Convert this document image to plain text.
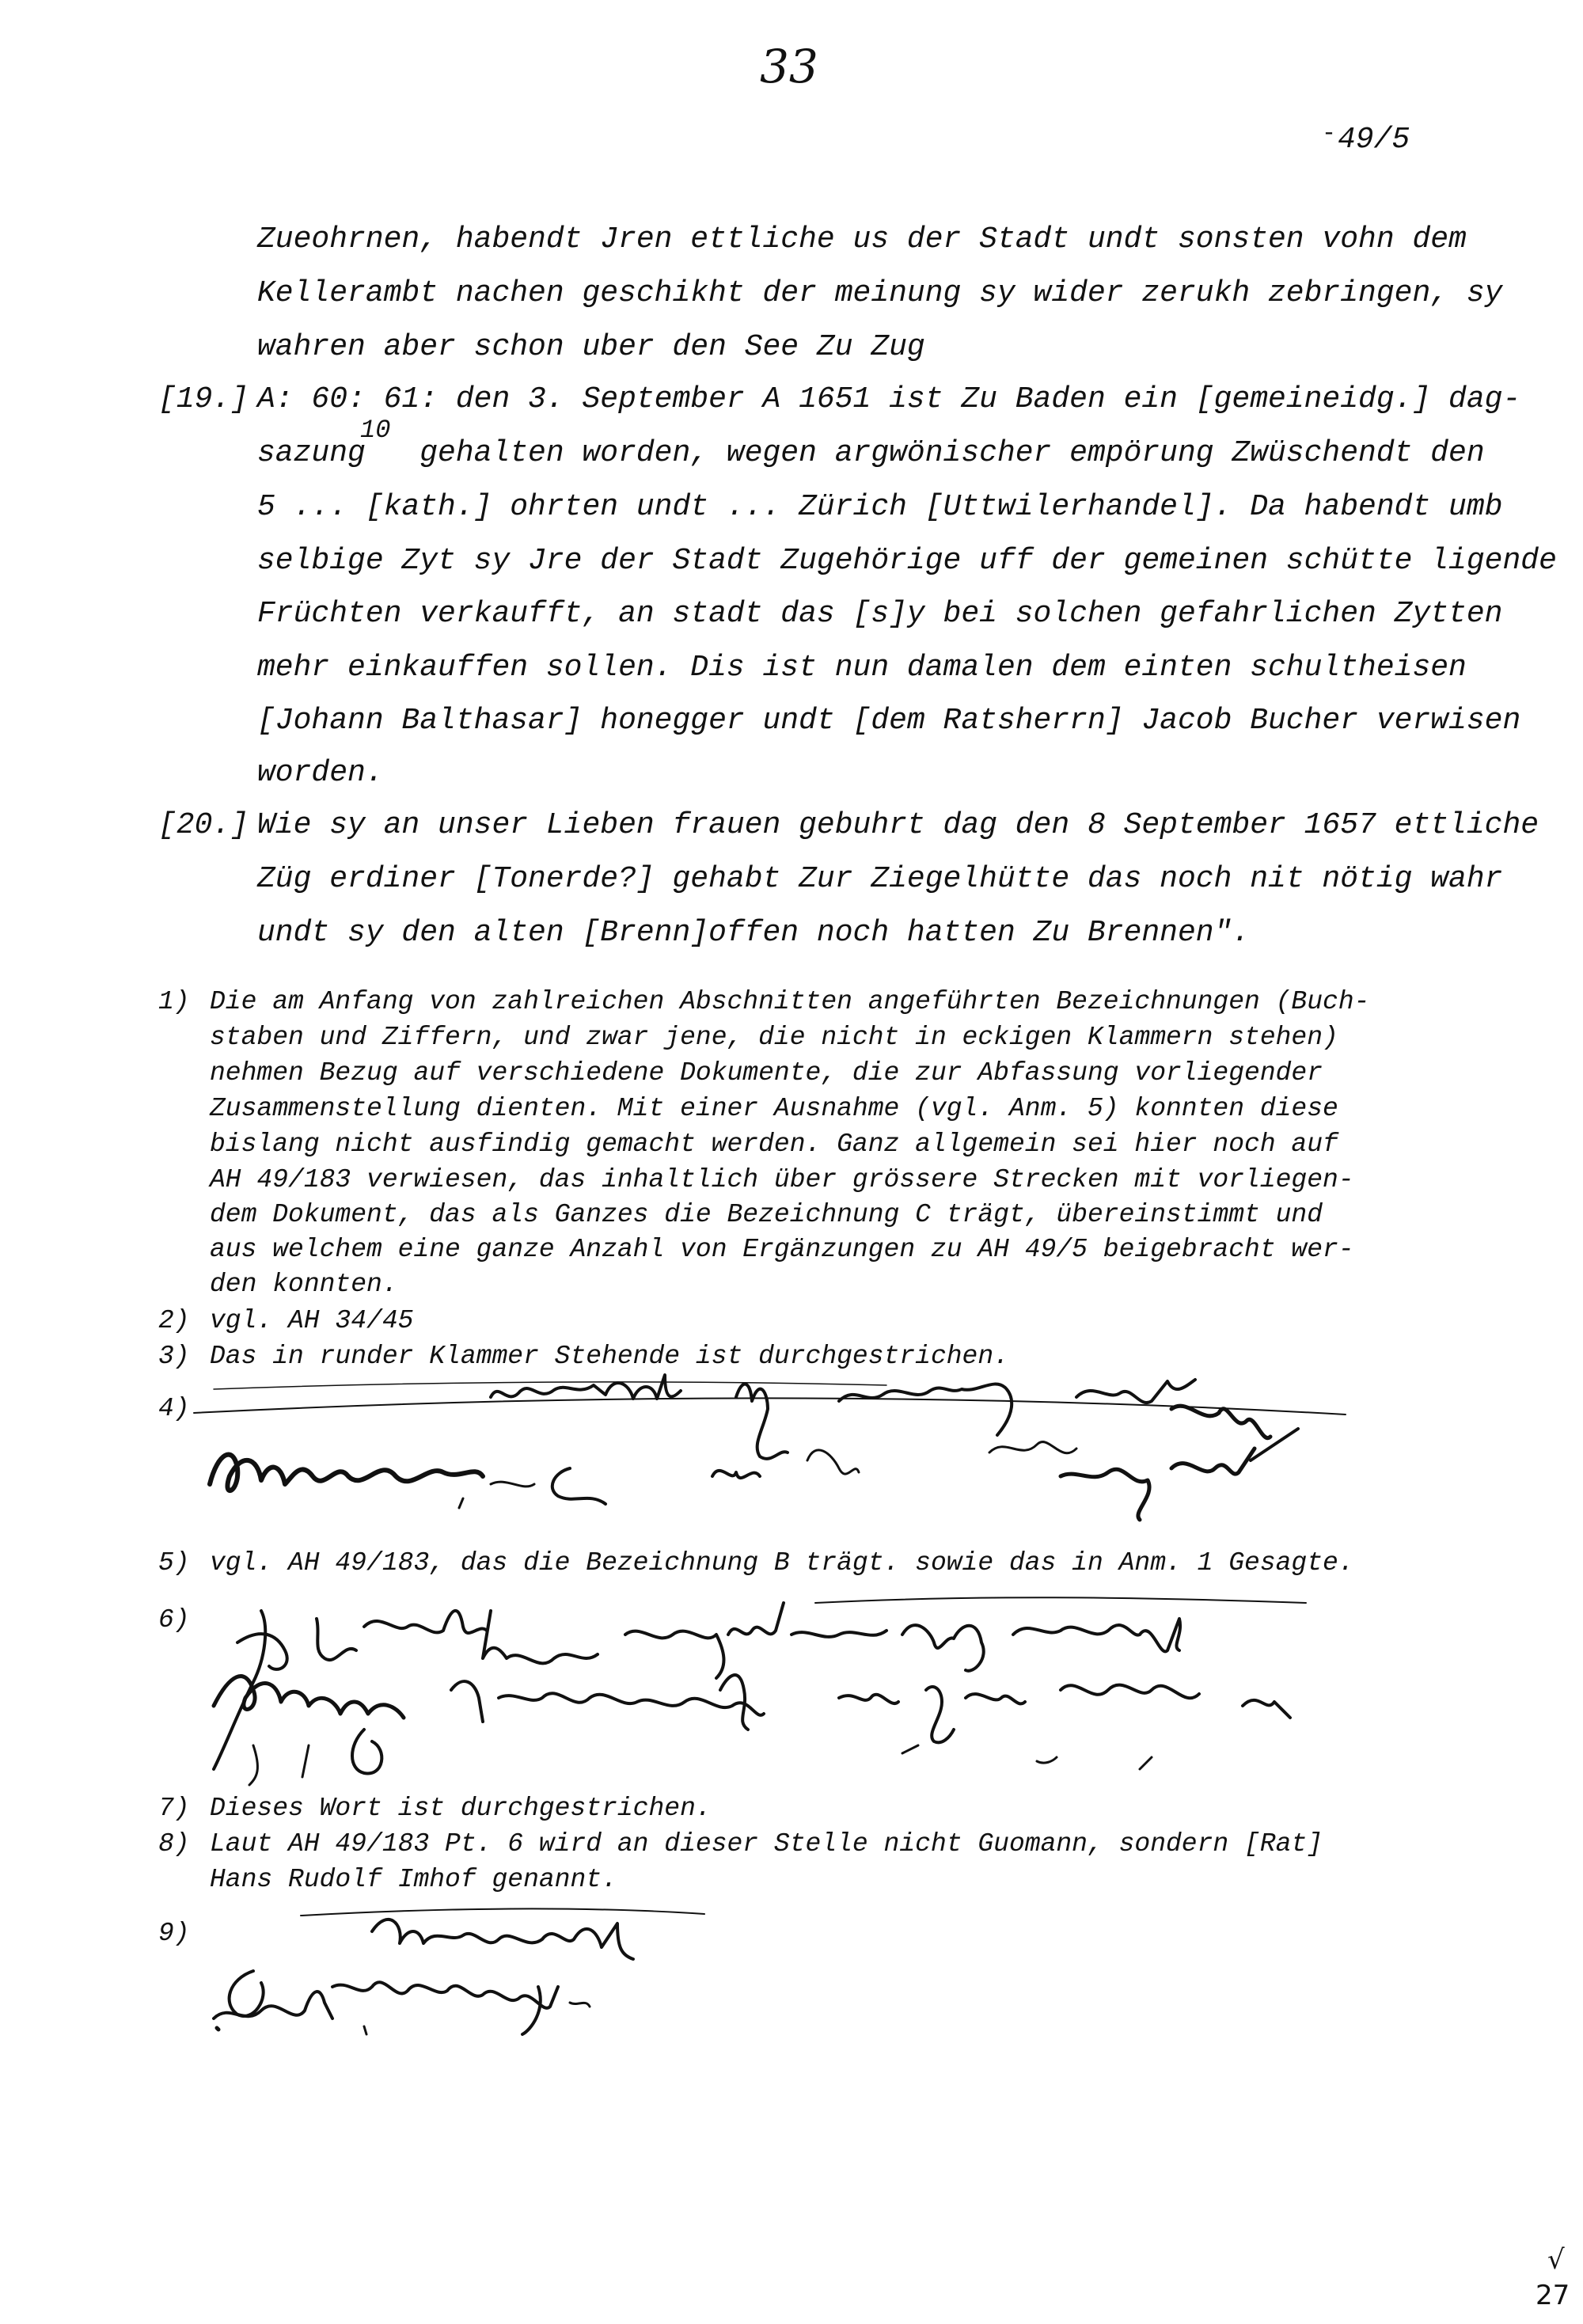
33
- 49/5
Zueohrnen, habendt Jren ettliche us der Stadt undt sonsten vohn dem
Kellerambt nachen geschikht der meinung sy wider zerukh zebringen, sy
wahren aber schon uber den See Zu Zug
[19.] A: 60: 61: den 3. September A 1651 ist Zu Baden ein [gemeineidg.] dag-
10
sazung   gehalten worden, wegen argwönischer empörung Zwüschendt den
5 ... [kath.] ohrten undt ... Zürich [Uttwilerhandel]. Da habendt umb
selbige Zyt sy Jre der Stadt Zugehörige uff der gemeinen schütte ligende
Früchten verkaufft, an stadt das [s]y bei solchen gefahrlichen Zytten
mehr einkauffen sollen. Dis ist nun damalen dem einten schultheisen
[Johann Balthasar] honegger undt [dem Ratsherrn] Jacob Bucher verwisen
worden.
[20.] Wie sy an unser Lieben frauen gebuhrt dag den 8 September 1657 ettliche
Züg erdiner [Tonerde?] gehabt Zur Ziegelhütte das noch nit nötig wahr
undt sy den alten [Brenn]offen noch hatten Zu Brennen".
1) Die am Anfang von zahlreichen Abschnitten angeführten Bezeichnungen (Buch-
staben und Ziffern, und zwar jene, die nicht in eckigen Klammern stehen)
nehmen Bezug auf verschiedene Dokumente, die zur Abfassung vorliegender
Zusammenstellung dienten. Mit einer Ausnahme (vgl. Anm. 5) konnten diese
bislang nicht ausfindig gemacht werden. Ganz allgemein sei hier noch auf
AH 49/183 verwiesen, das inhaltlich über grössere Strecken mit vorliegen-
dem Dokument, das als Ganzes die Bezeichnung C trägt, übereinstimmt und
aus welchem eine ganze Anzahl von Ergänzungen zu AH 49/5 beigebracht wer-
den konnten.
2) vgl. AH 34/45
3) Das in runder Klammer Stehende ist durchgestrichen.
4)
5) vgl. AH 49/183, das die Bezeichnung B trägt. sowie das in Anm. 1 Gesagte.
6)
7) Dieses Wort ist durchgestrichen.
8) Laut AH 49/183 Pt. 6 wird an dieser Stelle nicht Guomann, sondern [Rat]
Hans Rudolf Imhof genannt.
9)
√
27
